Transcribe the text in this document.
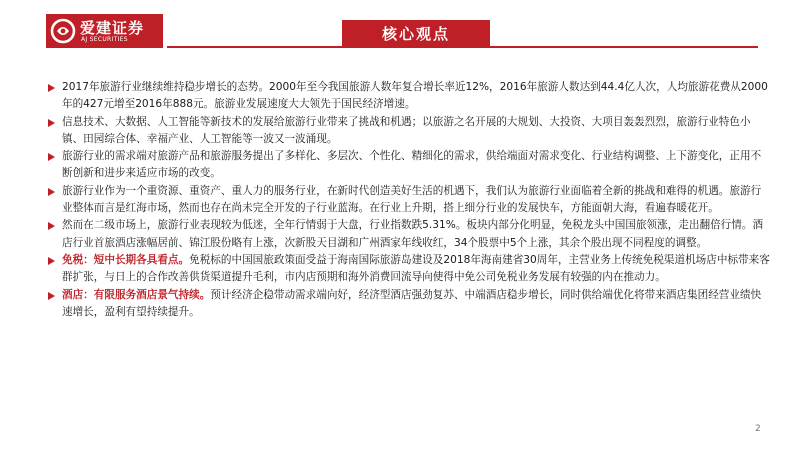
爱建证券
AJ SECURITIES	核心观点
2017年旅游行业继续维持稳步增长的态势。2000年至今我国旅游人数年复合增长率近12%，2016年旅游人数达到44.4亿人次，人均旅游花费从2000年的427元增至2016年888元。旅游业发展速度大大领先于国民经济增速。
信息技术、大数据、人工智能等新技术的发展给旅游行业带来了挑战和机遇；以旅游之名开展的大规划、大投资、大项目轰轰烈烈，旅游行业特色小镇、田园综合体、幸福产业、人工智能等一波又一波涌现。
旅游行业的需求端对旅游产品和旅游服务提出了多样化、多层次、个性化、精细化的需求，供给端面对需求变化、行业结构调整、上下游变化，正用不断创新和进步来适应市场的改变。
旅游行业作为一个重资源、重资产、重人力的服务行业，在新时代创造美好生活的机遇下，我们认为旅游行业面临着全新的挑战和难得的机遇。旅游行业整体而言是红海市场，然而也存在尚未完全开发的子行业蓝海。在行业上升期，搭上细分行业的发展快车，方能面朝大海，看遍春暖花开。
然而在二级市场上，旅游行业表现较为低迷，全年行情弱于大盘，行业指数跌5.31%。板块内部分化明显，免税龙头中国国旅领涨，走出翻倍行情。酒店行业首旅酒店涨幅居前、锦江股份略有上涨，次新股天目湖和广州酒家年线收红，34个股票中5个上涨，其余个股出现不同程度的调整。
免税：短中长期各具看点。免税标的中国国旅政策面受益于海南国际旅游岛建设及2018年海南建省30周年，主营业务上传统免税渠道机场店中标带来客群扩张，与日上的合作改善供货渠道提升毛利，市内店预期和海外消费回流导向使得中免公司免税业务发展有较强的内在推动力。
酒店：有限服务酒店景气持续。预计经济企稳带动需求端向好，经济型酒店强劲复苏、中端酒店稳步增长，同时供给端优化将带来酒店集团经营业绩快速增长，盈利有望持续提升。
2
